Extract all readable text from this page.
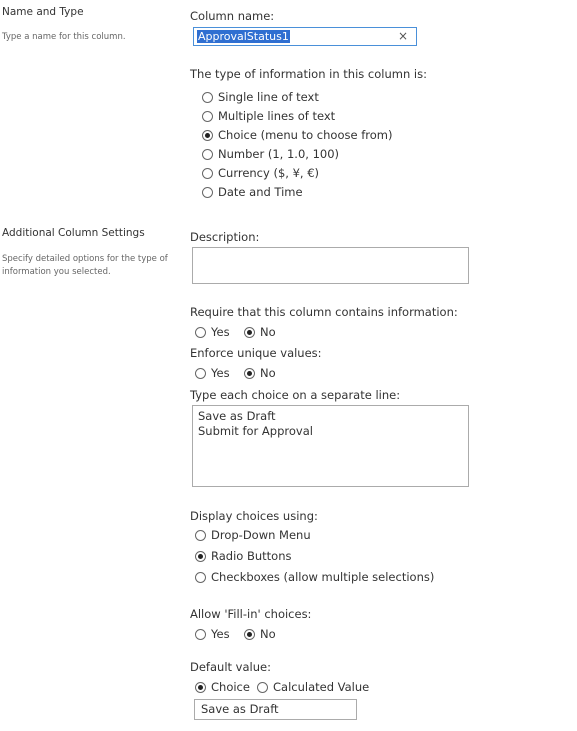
Name and Type
Type a name for this column.
Additional Column Settings
Specify detailed options for the type of information you selected.
Column name:
ApprovalStatus1	×
The type of information in this column is:
Single line of text
Multiple lines of text
Choice (menu to choose from)
Number (1, 1.0, 100)
Currency ($, ¥, €)
Date and Time
Description:
Require that this column contains information:
Yes	No
Enforce unique values:
Yes	No
Type each choice on a separate line:
Save as Draft
Submit for Approval
Display choices using:
Drop-Down Menu
Radio Buttons
Checkboxes (allow multiple selections)
Allow 'Fill-in' choices:
Yes	No
Default value:
Choice Calculated Value
Save as Draft
